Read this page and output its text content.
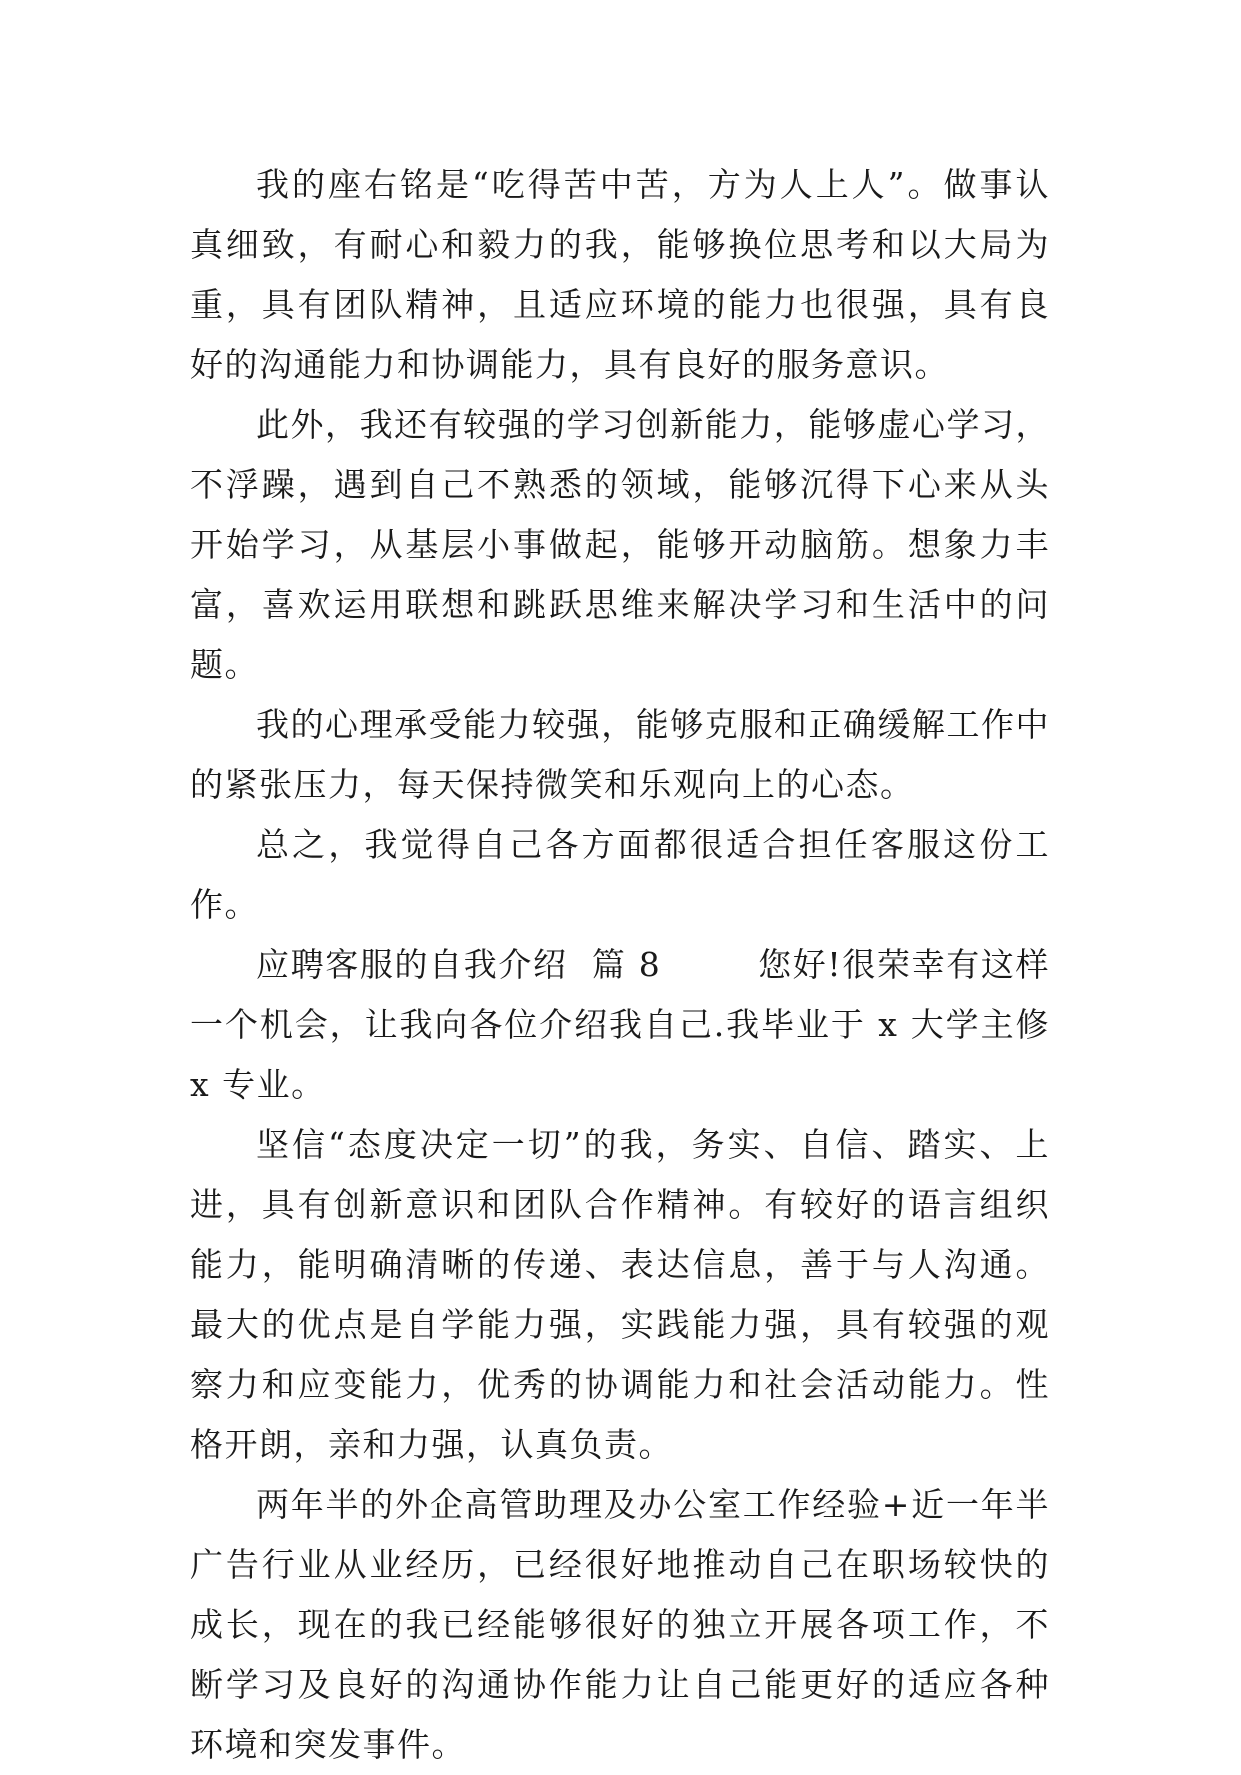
我的座右铭是“吃得苦中苦，方为人上人”。做事认真细致，有耐心和毅力的我，能够换位思考和以大局为重，具有团队精神，且适应环境的能力也很强，具有良好的沟通能力和协调能力，具有良好的服务意识。

此外，我还有较强的学习创新能力，能够虚心学习，不浮躁，遇到自己不熟悉的领域，能够沉得下心来从头开始学习，从基层小事做起，能够开动脑筋。想象力丰富，喜欢运用联想和跳跃思维来解决学习和生活中的问题。

我的心理承受能力较强，能够克服和正确缓解工作中的紧张压力，每天保持微笑和乐观向上的心态。

总之，我觉得自己各方面都很适合担任客服这份工作。

应聘客服的自我介绍  篇 8        您好!很荣幸有这样一个机会，让我向各位介绍我自己.我毕业于 x 大学主修 x 专业。

坚信“态度决定一切”的我，务实、自信、踏实、上进，具有创新意识和团队合作精神。有较好的语言组织能力，能明确清晰的传递、表达信息，善于与人沟通。最大的优点是自学能力强，实践能力强，具有较强的观察力和应变能力，优秀的协调能力和社会活动能力。性格开朗，亲和力强，认真负责。

两年半的外企高管助理及办公室工作经验+近一年半广告行业从业经历，已经很好地推动自己在职场较快的成长，现在的我已经能够很好的独立开展各项工作，不断学习及良好的沟通协作能力让自己能更好的适应各种环境和突发事件。
